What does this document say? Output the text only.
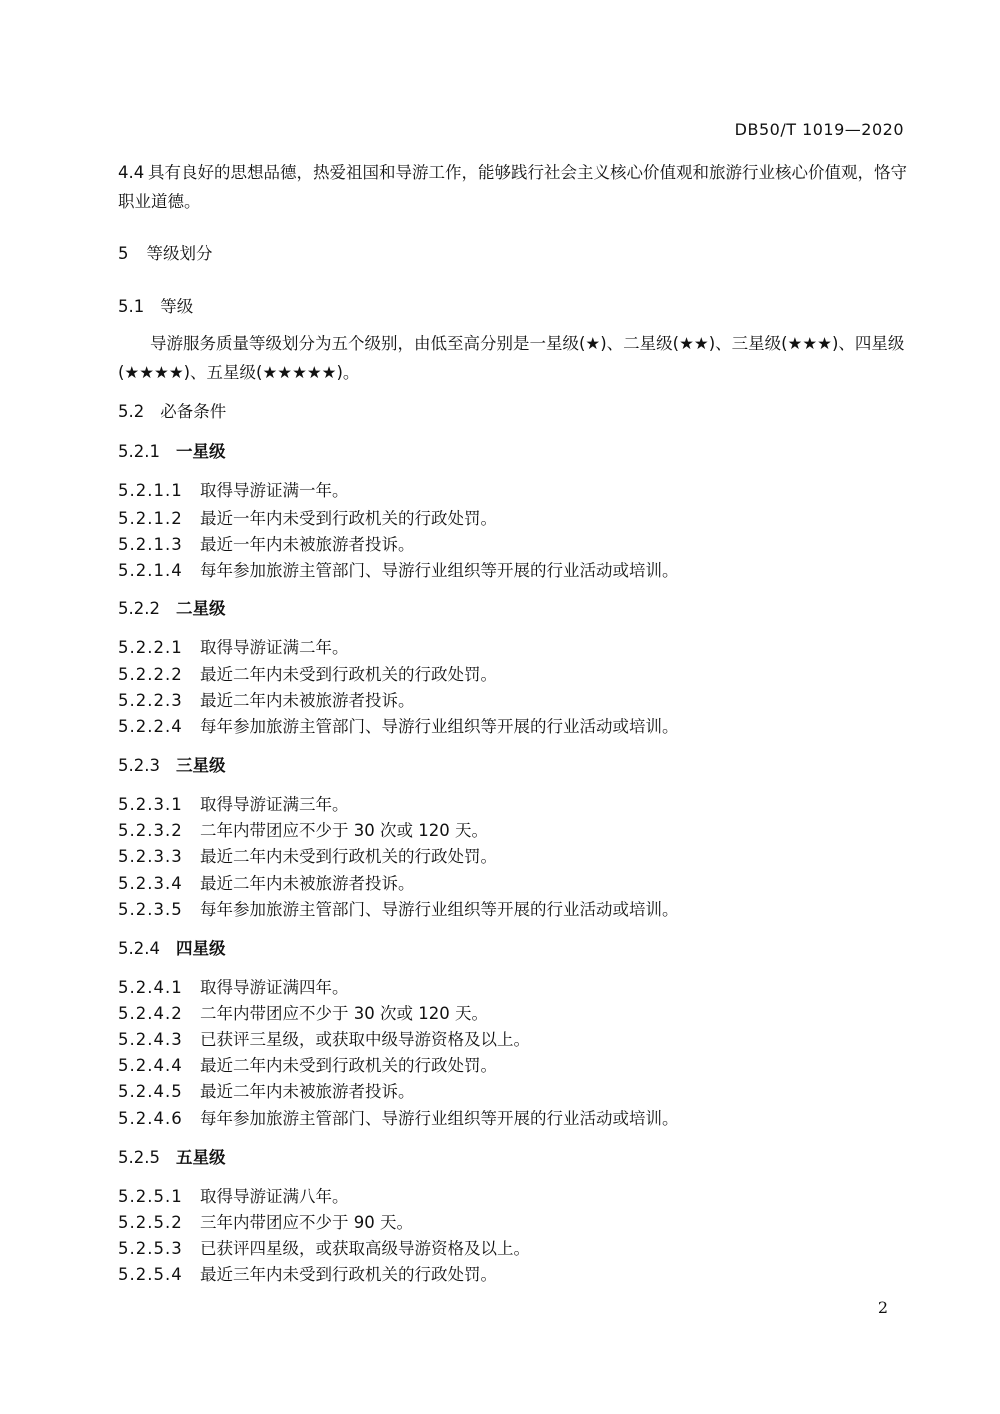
DB50/T 1019—2020
4.4 具有良好的思想品德，热爱祖国和导游工作，能够践行社会主义核心价值观和旅游行业核心价值观，恪守职业道德。
5 等级划分
5.1 等级
导游服务质量等级划分为五个级别，由低至高分别是一星级(★)、二星级(★★)、三星级(★★★)、四星级(★★★★)、五星级(★★★★★)。
5.2 必备条件
5.2.1 一星级
5.2.1.1 取得导游证满一年。
5.2.1.2 最近一年内未受到行政机关的行政处罚。
5.2.1.3 最近一年内未被旅游者投诉。
5.2.1.4 每年参加旅游主管部门、导游行业组织等开展的行业活动或培训。
5.2.2 二星级
5.2.2.1 取得导游证满二年。
5.2.2.2 最近二年内未受到行政机关的行政处罚。
5.2.2.3 最近二年内未被旅游者投诉。
5.2.2.4 每年参加旅游主管部门、导游行业组织等开展的行业活动或培训。
5.2.3 三星级
5.2.3.1 取得导游证满三年。
5.2.3.2 二年内带团应不少于 30 次或 120 天。
5.2.3.3 最近二年内未受到行政机关的行政处罚。
5.2.3.4 最近二年内未被旅游者投诉。
5.2.3.5 每年参加旅游主管部门、导游行业组织等开展的行业活动或培训。
5.2.4 四星级
5.2.4.1 取得导游证满四年。
5.2.4.2 二年内带团应不少于 30 次或 120 天。
5.2.4.3 已获评三星级，或获取中级导游资格及以上。
5.2.4.4 最近二年内未受到行政机关的行政处罚。
5.2.4.5 最近二年内未被旅游者投诉。
5.2.4.6 每年参加旅游主管部门、导游行业组织等开展的行业活动或培训。
5.2.5 五星级
5.2.5.1 取得导游证满八年。
5.2.5.2 三年内带团应不少于 90 天。
5.2.5.3 已获评四星级，或获取高级导游资格及以上。
5.2.5.4 最近三年内未受到行政机关的行政处罚。
2
